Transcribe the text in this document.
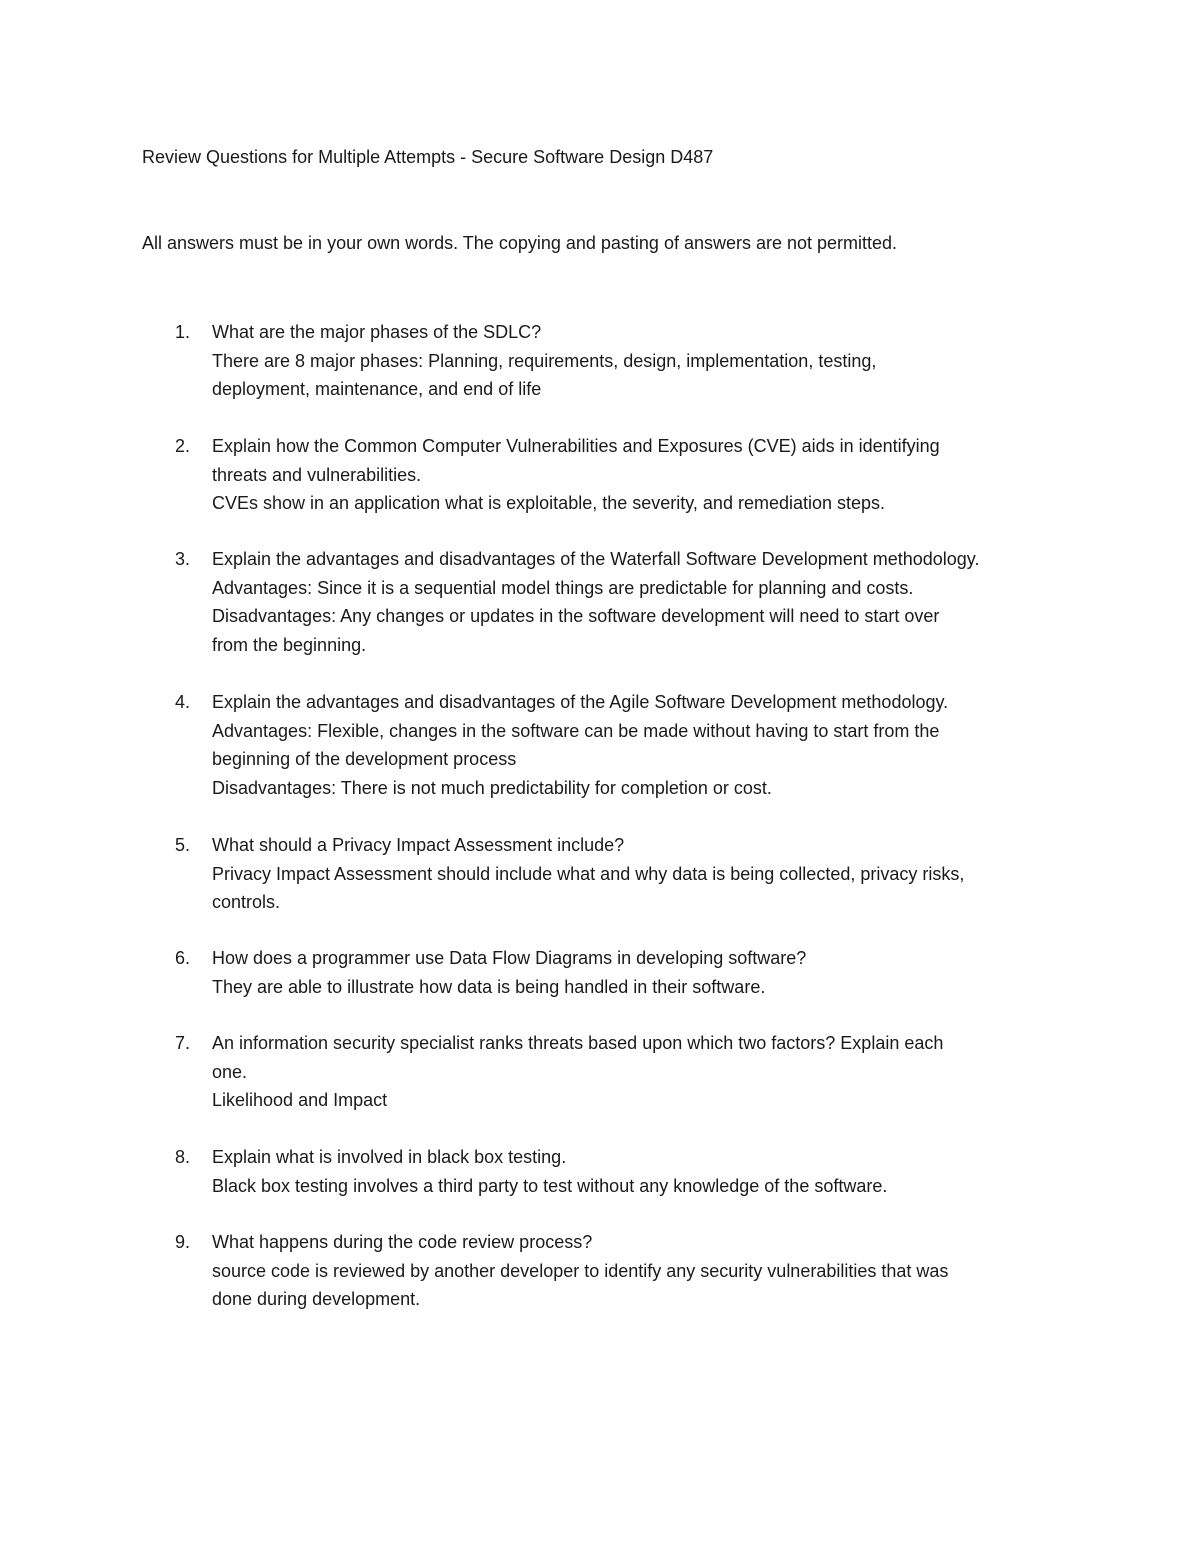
Review Questions for Multiple Attempts - Secure Software Design D487
All answers must be in your own words. The copying and pasting of answers are not permitted.
1. What are the major phases of the SDLC?
There are 8 major phases: Planning, requirements, design, implementation, testing,
deployment, maintenance, and end of life
2. Explain how the Common Computer Vulnerabilities and Exposures (CVE) aids in identifying
threats and vulnerabilities.
CVEs show in an application what is exploitable, the severity, and remediation steps.
3. Explain the advantages and disadvantages of the Waterfall Software Development methodology.
Advantages: Since it is a sequential model things are predictable for planning and costs.
Disadvantages: Any changes or updates in the software development will need to start over
from the beginning.
4. Explain the advantages and disadvantages of the Agile Software Development methodology.
Advantages: Flexible, changes in the software can be made without having to start from the
beginning of the development process
Disadvantages: There is not much predictability for completion or cost.
5. What should a Privacy Impact Assessment include?
Privacy Impact Assessment should include what and why data is being collected, privacy risks,
controls.
6. How does a programmer use Data Flow Diagrams in developing software?
They are able to illustrate how data is being handled in their software.
7. An information security specialist ranks threats based upon which two factors? Explain each
one.
Likelihood and Impact
8. Explain what is involved in black box testing.
Black box testing involves a third party to test without any knowledge of the software.
9. What happens during the code review process?
source code is reviewed by another developer to identify any security vulnerabilities that was
done during development.
